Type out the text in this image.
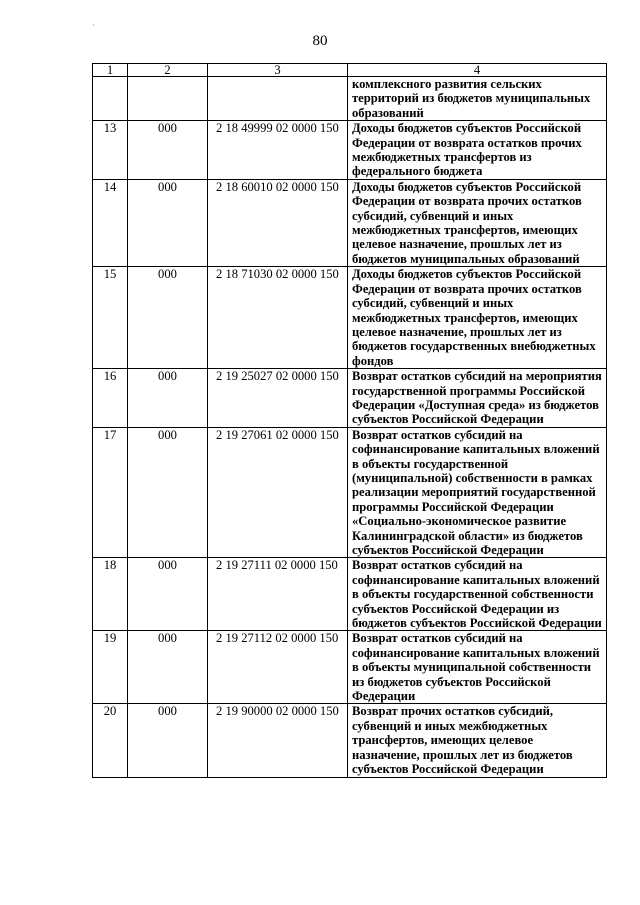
·
80
1	2	3	4
			комплексного развития сельских территорий из бюджетов муниципальных образований
13	000	2 18 49999 02 0000 150	Доходы бюджетов субъектов Российской Федерации от возврата остатков прочих межбюджетных трансфертов из федерального бюджета
14	000	2 18 60010 02 0000 150	Доходы бюджетов субъектов Российской Федерации от возврата прочих остатков субсидий, субвенций и иных межбюджетных трансфертов, имеющих целевое назначение, прошлых лет из бюджетов муниципальных образований
15	000	2 18 71030 02 0000 150	Доходы бюджетов субъектов Российской Федерации от возврата прочих остатков субсидий, субвенций и иных межбюджетных трансфертов, имеющих целевое назначение, прошлых лет из бюджетов государственных внебюджетных фондов
16	000	2 19 25027 02 0000 150	Возврат остатков субсидий на мероприятия государственной программы Российской Федерации «Доступная среда» из бюджетов субъектов Российской Федерации
17	000	2 19 27061 02 0000 150	Возврат остатков субсидий на софинансирование капитальных вложений в объекты государственной (муниципальной) собственности в рамках реализации мероприятий государственной программы Российской Федерации «Социально-экономическое развитие Калининградской области» из бюджетов субъектов Российской Федерации
18	000	2 19 27111 02 0000 150	Возврат остатков субсидий на софинансирование капитальных вложений в объекты государственной собственности субъектов Российской Федерации из бюджетов субъектов Российской Федерации
19	000	2 19 27112 02 0000 150	Возврат остатков субсидий на софинансирование капитальных вложений в объекты муниципальной собственности из бюджетов субъектов Российской Федерации
20	000	2 19 90000 02 0000 150	Возврат прочих остатков субсидий, субвенций и иных межбюджетных трансфертов, имеющих целевое назначение, прошлых лет из бюджетов субъектов Российской Федерации
